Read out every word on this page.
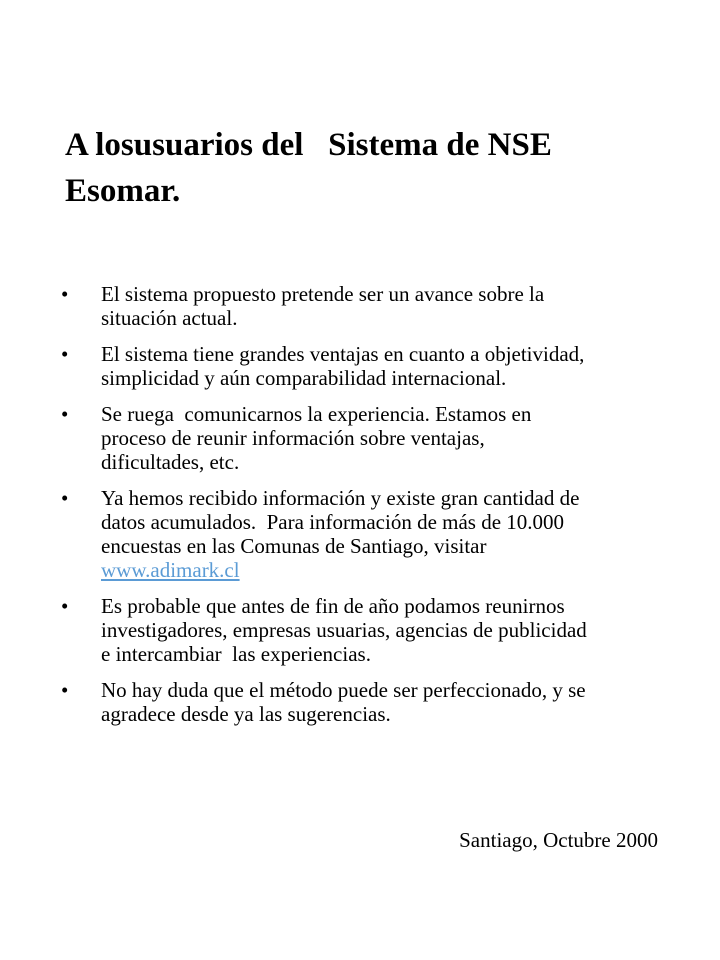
A losusuarios del   Sistema de NSE
Esomar.
• El sistema propuesto pretende ser un avance sobre la
situación actual.
• El sistema tiene grandes ventajas en cuanto a objetividad,
simplicidad y aún comparabilidad internacional.
• Se ruega  comunicarnos la experiencia. Estamos en
proceso de reunir información sobre ventajas,
dificultades, etc.
• Ya hemos recibido información y existe gran cantidad de
datos acumulados.  Para información de más de 10.000
encuestas en las Comunas de Santiago, visitar
www.adimark.cl
• Es probable que antes de fin de año podamos reunirnos
investigadores, empresas usuarias, agencias de publicidad
e intercambiar  las experiencias.
• No hay duda que el método puede ser perfeccionado, y se
agradece desde ya las sugerencias.
Santiago, Octubre 2000
